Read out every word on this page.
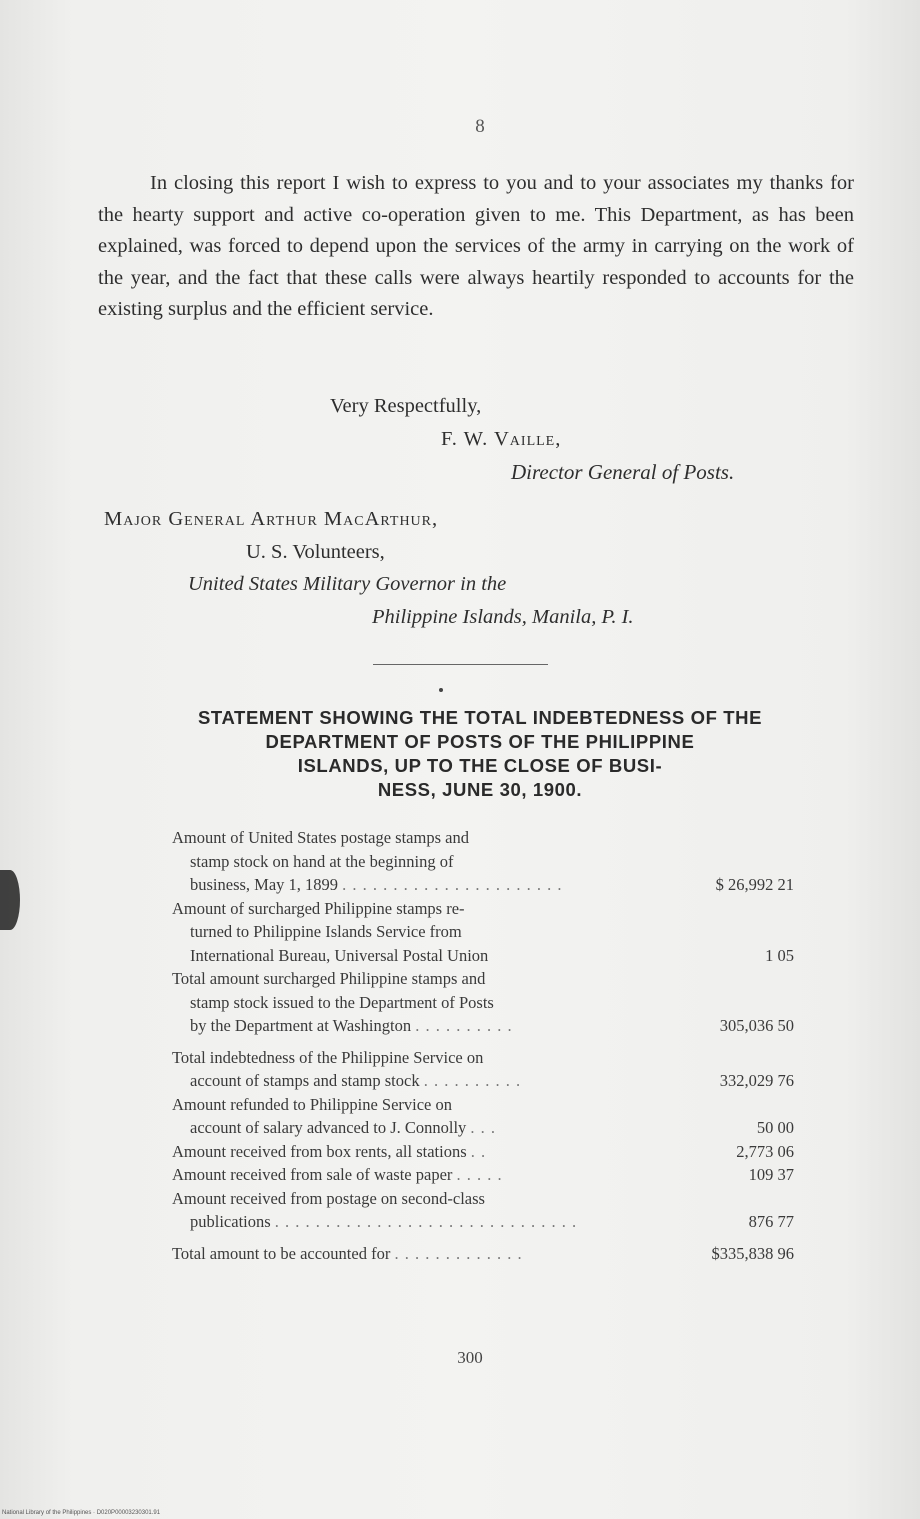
8

In closing this report I wish to express to you and to your associates my thanks for the hearty support and active co-operation given to me. This Department, as has been explained, was forced to depend upon the services of the army in carrying on the work of the year, and the fact that these calls were always heartily responded to accounts for the existing surplus and the efficient service.

Very Respectfully,

F. W. Vaille,

Director General of Posts.

Major General Arthur MacArthur,

U. S. Volunteers,

United States Military Governor in the

Philippine Islands, Manila, P. I.

STATEMENT SHOWING THE TOTAL INDEBTEDNESS OF THE
DEPARTMENT OF POSTS OF THE PHILIPPINE
ISLANDS, UP TO THE CLOSE OF BUSI-
NESS, JUNE 30, 1900.
Amount of United States postage stamps and
stamp stock on hand at the beginning of
business, May 1, 1899 . . . . . . . . . . . . . . . . . . . . . .	$ 26,992 21
Amount of surcharged Philippine stamps re-
turned to Philippine Islands Service from
International Bureau, Universal Postal Union	1 05
Total amount surcharged Philippine stamps and
stamp stock issued to the Department of Posts
by the Department at Washington . . . . . . . . . .	305,036 50
Total indebtedness of the Philippine Service on
account of stamps and stamp stock . . . . . . . . . .	332,029 76
Amount refunded to Philippine Service on
account of salary advanced to J. Connolly . . .	50 00
Amount received from box rents, all stations . .	2,773 06
Amount received from sale of waste paper . . . . .	109 37
Amount received from postage on second-class
publications . . . . . . . . . . . . . . . . . . . . . . . . . . . . . .	876 77
Total amount to be accounted for . . . . . . . . . . . . .	$335,838 96
300
National Library of the Philippines · D020P00003230301.91
